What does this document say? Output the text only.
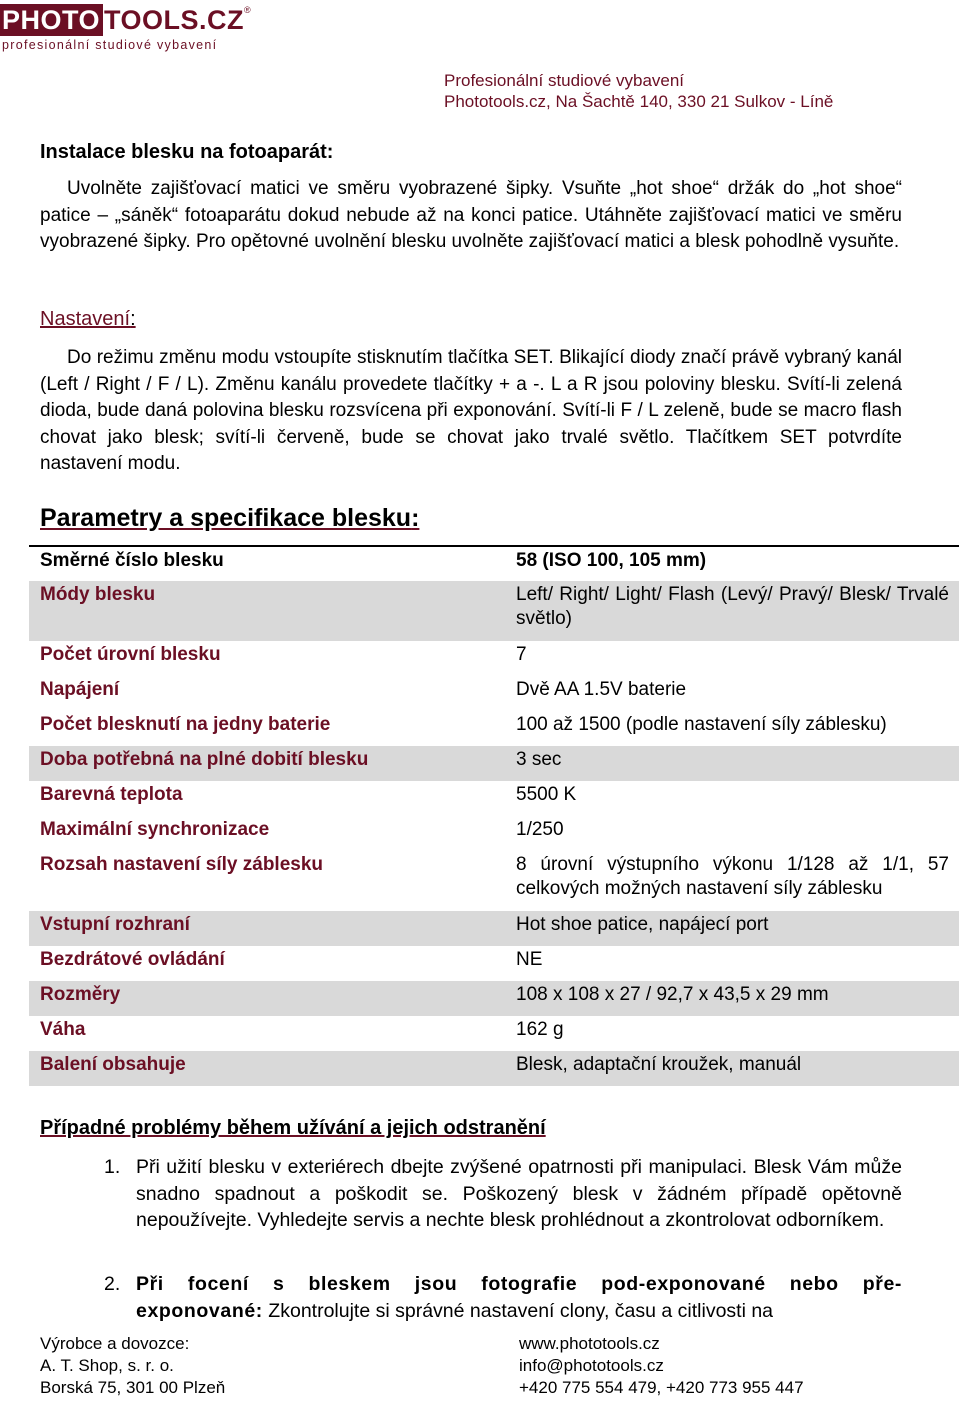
PHOTO TOOLS.CZ ®
profesionální studiové vybavení
Profesionální studiové vybavení
Phototools.cz, Na Šachtě 140, 330 21 Sulkov - Líně
Instalace blesku na fotoaparát:
Uvolněte zajišťovací matici ve směru vyobrazené šipky. Vsuňte „hot shoe“ držák do „hot shoe“ patice – „sáněk“ fotoaparátu dokud nebude až na konci patice. Utáhněte zajišťovací matici ve směru vyobrazené šipky. Pro opětovné uvolnění blesku uvolněte zajišťovací matici a blesk pohodlně vysuňte.
Nastavení:
Do režimu změnu modu vstoupíte stisknutím tlačítka SET. Blikající diody značí právě vybraný kanál (Left / Right / F / L). Změnu kanálu provedete tlačítky + a -. L a R jsou poloviny blesku. Svítí-li zelená dioda, bude daná polovina blesku rozsvícena při exponování. Svítí-li F / L zeleně, bude se macro flash chovat jako blesk; svítí-li červeně, bude se chovat jako trvalé světlo. Tlačítkem SET potvrdíte nastavení modu.
Parametry a specifikace blesku:
Směrné číslo blesku	58 (ISO 100, 105 mm)
Módy blesku	Left/ Right/ Light/ Flash (Levý/ Pravý/ Blesk/ Trvalé světlo)
Počet úrovní blesku	7
Napájení	Dvě AA 1.5V baterie
Počet blesknutí na jedny baterie	100 až 1500 (podle nastavení síly záblesku)
Doba potřebná na plné dobití blesku	3 sec
Barevná teplota	5500 K
Maximální synchronizace	1/250
Rozsah nastavení síly záblesku	8 úrovní výstupního výkonu 1/128 až 1/1, 57 celkových možných nastavení síly záblesku
Vstupní rozhraní	Hot shoe patice, napájecí port
Bezdrátové ovládání	NE
Rozměry	108 x 108 x 27 / 92,7 x 43,5 x 29 mm
Váha	162 g
Balení obsahuje	Blesk, adaptační kroužek, manuál
Případné problémy během užívání a jejich odstranění
1. Při užití blesku v exteriérech dbejte zvýšené opatrnosti při manipulaci. Blesk Vám může snadno spadnout a poškodit se. Poškozený blesk v žádném případě opětovně nepoužívejte. Vyhledejte servis a nechte blesk prohlédnout a zkontrolovat odborníkem.
2. Při focení s bleskem jsou fotografie pod-exponované nebo pře-exponované: Zkontrolujte si správné nastavení clony, času a citlivosti na
Výrobce a dovozce:
A. T. Shop, s. r. o.
Borská 75, 301 00 Plzeň
www.phototools.cz
info@phototools.cz
+420 775 554 479, +420 773 955 447
